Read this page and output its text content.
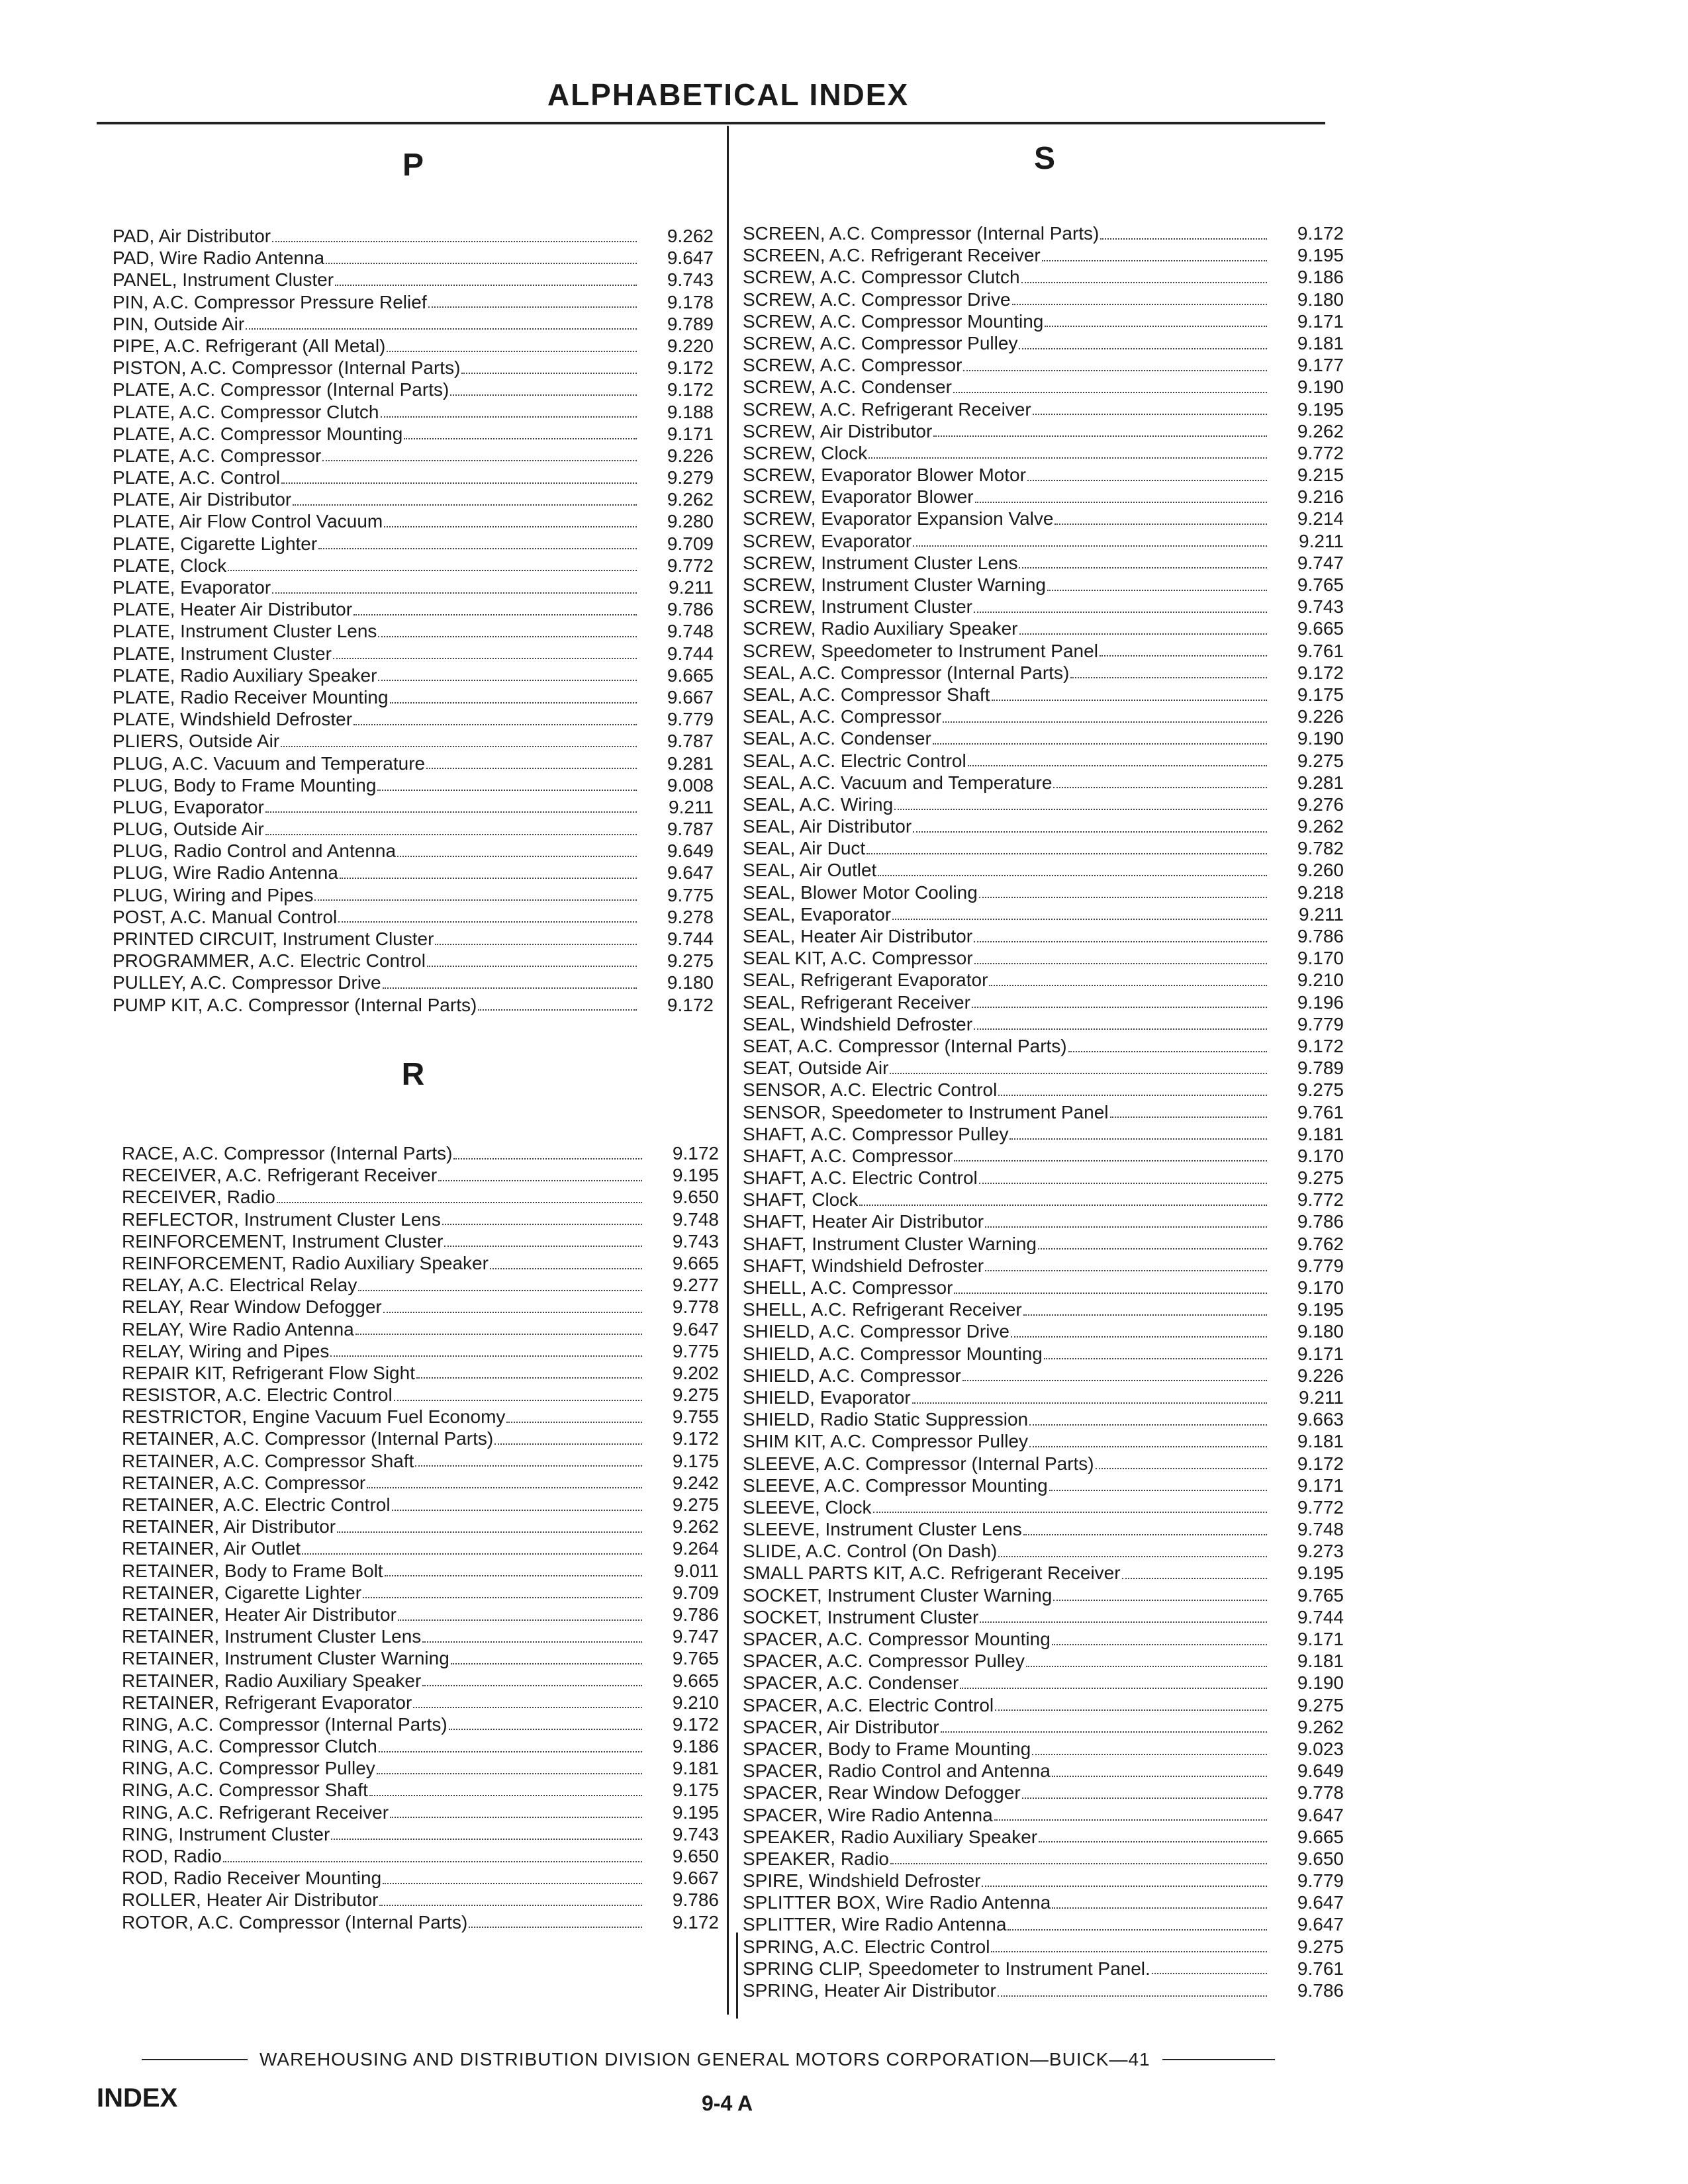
ALPHABETICAL INDEX
P	S
R
PAD, Air Distributor	9.262
PAD, Wire Radio Antenna	9.647
PANEL, Instrument Cluster	9.743
PIN, A.C. Compressor Pressure Relief	9.178
PIN, Outside Air	9.789
PIPE, A.C. Refrigerant (All Metal)	9.220
PISTON, A.C. Compressor (Internal Parts)	9.172
PLATE, A.C. Compressor (Internal Parts)	9.172
PLATE, A.C. Compressor Clutch	9.188
PLATE, A.C. Compressor Mounting	9.171
PLATE, A.C. Compressor	9.226
PLATE, A.C. Control	9.279
PLATE, Air Distributor	9.262
PLATE, Air Flow Control Vacuum	9.280
PLATE, Cigarette Lighter	9.709
PLATE, Clock	9.772
PLATE, Evaporator	9.211
PLATE, Heater Air Distributor	9.786
PLATE, Instrument Cluster Lens	9.748
PLATE, Instrument Cluster	9.744
PLATE, Radio Auxiliary Speaker	9.665
PLATE, Radio Receiver Mounting	9.667
PLATE, Windshield Defroster	9.779
PLIERS, Outside Air	9.787
PLUG, A.C. Vacuum and Temperature	9.281
PLUG, Body to Frame Mounting	9.008
PLUG, Evaporator	9.211
PLUG, Outside Air	9.787
PLUG, Radio Control and Antenna	9.649
PLUG, Wire Radio Antenna	9.647
PLUG, Wiring and Pipes	9.775
POST, A.C. Manual Control	9.278
PRINTED CIRCUIT, Instrument Cluster	9.744
PROGRAMMER, A.C. Electric Control	9.275
PULLEY, A.C. Compressor Drive	9.180
PUMP KIT, A.C. Compressor (Internal Parts)	9.172
RACE, A.C. Compressor (Internal Parts)	9.172
RECEIVER, A.C. Refrigerant Receiver	9.195
RECEIVER, Radio	9.650
REFLECTOR, Instrument Cluster Lens	9.748
REINFORCEMENT, Instrument Cluster	9.743
REINFORCEMENT, Radio Auxiliary Speaker	9.665
RELAY, A.C. Electrical Relay	9.277
RELAY, Rear Window Defogger	9.778
RELAY, Wire Radio Antenna	9.647
RELAY, Wiring and Pipes	9.775
REPAIR KIT, Refrigerant Flow Sight	9.202
RESISTOR, A.C. Electric Control	9.275
RESTRICTOR, Engine Vacuum Fuel Economy	9.755
RETAINER, A.C. Compressor (Internal Parts)	9.172
RETAINER, A.C. Compressor Shaft	9.175
RETAINER, A.C. Compressor	9.242
RETAINER, A.C. Electric Control	9.275
RETAINER, Air Distributor	9.262
RETAINER, Air Outlet	9.264
RETAINER, Body to Frame Bolt	9.011
RETAINER, Cigarette Lighter	9.709
RETAINER, Heater Air Distributor	9.786
RETAINER, Instrument Cluster Lens	9.747
RETAINER, Instrument Cluster Warning	9.765
RETAINER, Radio Auxiliary Speaker	9.665
RETAINER, Refrigerant Evaporator	9.210
RING, A.C. Compressor (Internal Parts)	9.172
RING, A.C. Compressor Clutch	9.186
RING, A.C. Compressor Pulley	9.181
RING, A.C. Compressor Shaft	9.175
RING, A.C. Refrigerant Receiver	9.195
RING, Instrument Cluster	9.743
ROD, Radio	9.650
ROD, Radio Receiver Mounting	9.667
ROLLER, Heater Air Distributor	9.786
ROTOR, A.C. Compressor (Internal Parts)	9.172
SCREEN, A.C. Compressor (Internal Parts)	9.172
SCREEN, A.C. Refrigerant Receiver	9.195
SCREW, A.C. Compressor Clutch	9.186
SCREW, A.C. Compressor Drive	9.180
SCREW, A.C. Compressor Mounting	9.171
SCREW, A.C. Compressor Pulley	9.181
SCREW, A.C. Compressor	9.177
SCREW, A.C. Condenser	9.190
SCREW, A.C. Refrigerant Receiver	9.195
SCREW, Air Distributor	9.262
SCREW, Clock	9.772
SCREW, Evaporator Blower Motor	9.215
SCREW, Evaporator Blower	9.216
SCREW, Evaporator Expansion Valve	9.214
SCREW, Evaporator	9.211
SCREW, Instrument Cluster Lens	9.747
SCREW, Instrument Cluster Warning	9.765
SCREW, Instrument Cluster	9.743
SCREW, Radio Auxiliary Speaker	9.665
SCREW, Speedometer to Instrument Panel	9.761
SEAL, A.C. Compressor (Internal Parts)	9.172
SEAL, A.C. Compressor Shaft	9.175
SEAL, A.C. Compressor	9.226
SEAL, A.C. Condenser	9.190
SEAL, A.C. Electric Control	9.275
SEAL, A.C. Vacuum and Temperature	9.281
SEAL, A.C. Wiring	9.276
SEAL, Air Distributor	9.262
SEAL, Air Duct	9.782
SEAL, Air Outlet	9.260
SEAL, Blower Motor Cooling	9.218
SEAL, Evaporator	9.211
SEAL, Heater Air Distributor	9.786
SEAL KIT, A.C. Compressor	9.170
SEAL, Refrigerant Evaporator	9.210
SEAL, Refrigerant Receiver	9.196
SEAL, Windshield Defroster	9.779
SEAT, A.C. Compressor (Internal Parts)	9.172
SEAT, Outside Air	9.789
SENSOR, A.C. Electric Control	9.275
SENSOR, Speedometer to Instrument Panel	9.761
SHAFT, A.C. Compressor Pulley	9.181
SHAFT, A.C. Compressor	9.170
SHAFT, A.C. Electric Control	9.275
SHAFT, Clock	9.772
SHAFT, Heater Air Distributor	9.786
SHAFT, Instrument Cluster Warning	9.762
SHAFT, Windshield Defroster	9.779
SHELL, A.C. Compressor	9.170
SHELL, A.C. Refrigerant Receiver	9.195
SHIELD, A.C. Compressor Drive	9.180
SHIELD, A.C. Compressor Mounting	9.171
SHIELD, A.C. Compressor	9.226
SHIELD, Evaporator	9.211
SHIELD, Radio Static Suppression	9.663
SHIM KIT, A.C. Compressor Pulley	9.181
SLEEVE, A.C. Compressor (Internal Parts)	9.172
SLEEVE, A.C. Compressor Mounting	9.171
SLEEVE, Clock	9.772
SLEEVE, Instrument Cluster Lens	9.748
SLIDE, A.C. Control (On Dash)	9.273
SMALL PARTS KIT, A.C. Refrigerant Receiver	9.195
SOCKET, Instrument Cluster Warning	9.765
SOCKET, Instrument Cluster	9.744
SPACER, A.C. Compressor Mounting	9.171
SPACER, A.C. Compressor Pulley	9.181
SPACER, A.C. Condenser	9.190
SPACER, A.C. Electric Control	9.275
SPACER, Air Distributor	9.262
SPACER, Body to Frame Mounting	9.023
SPACER, Radio Control and Antenna	9.649
SPACER, Rear Window Defogger	9.778
SPACER, Wire Radio Antenna	9.647
SPEAKER, Radio Auxiliary Speaker	9.665
SPEAKER, Radio	9.650
SPIRE, Windshield Defroster	9.779
SPLITTER BOX, Wire Radio Antenna	9.647
SPLITTER, Wire Radio Antenna	9.647
SPRING, A.C. Electric Control	9.275
SPRING CLIP, Speedometer to Instrument Panel.	9.761
SPRING, Heater Air Distributor	9.786
WAREHOUSING AND DISTRIBUTION DIVISION GENERAL MOTORS CORPORATION—BUICK—41
INDEX	9-4 A
